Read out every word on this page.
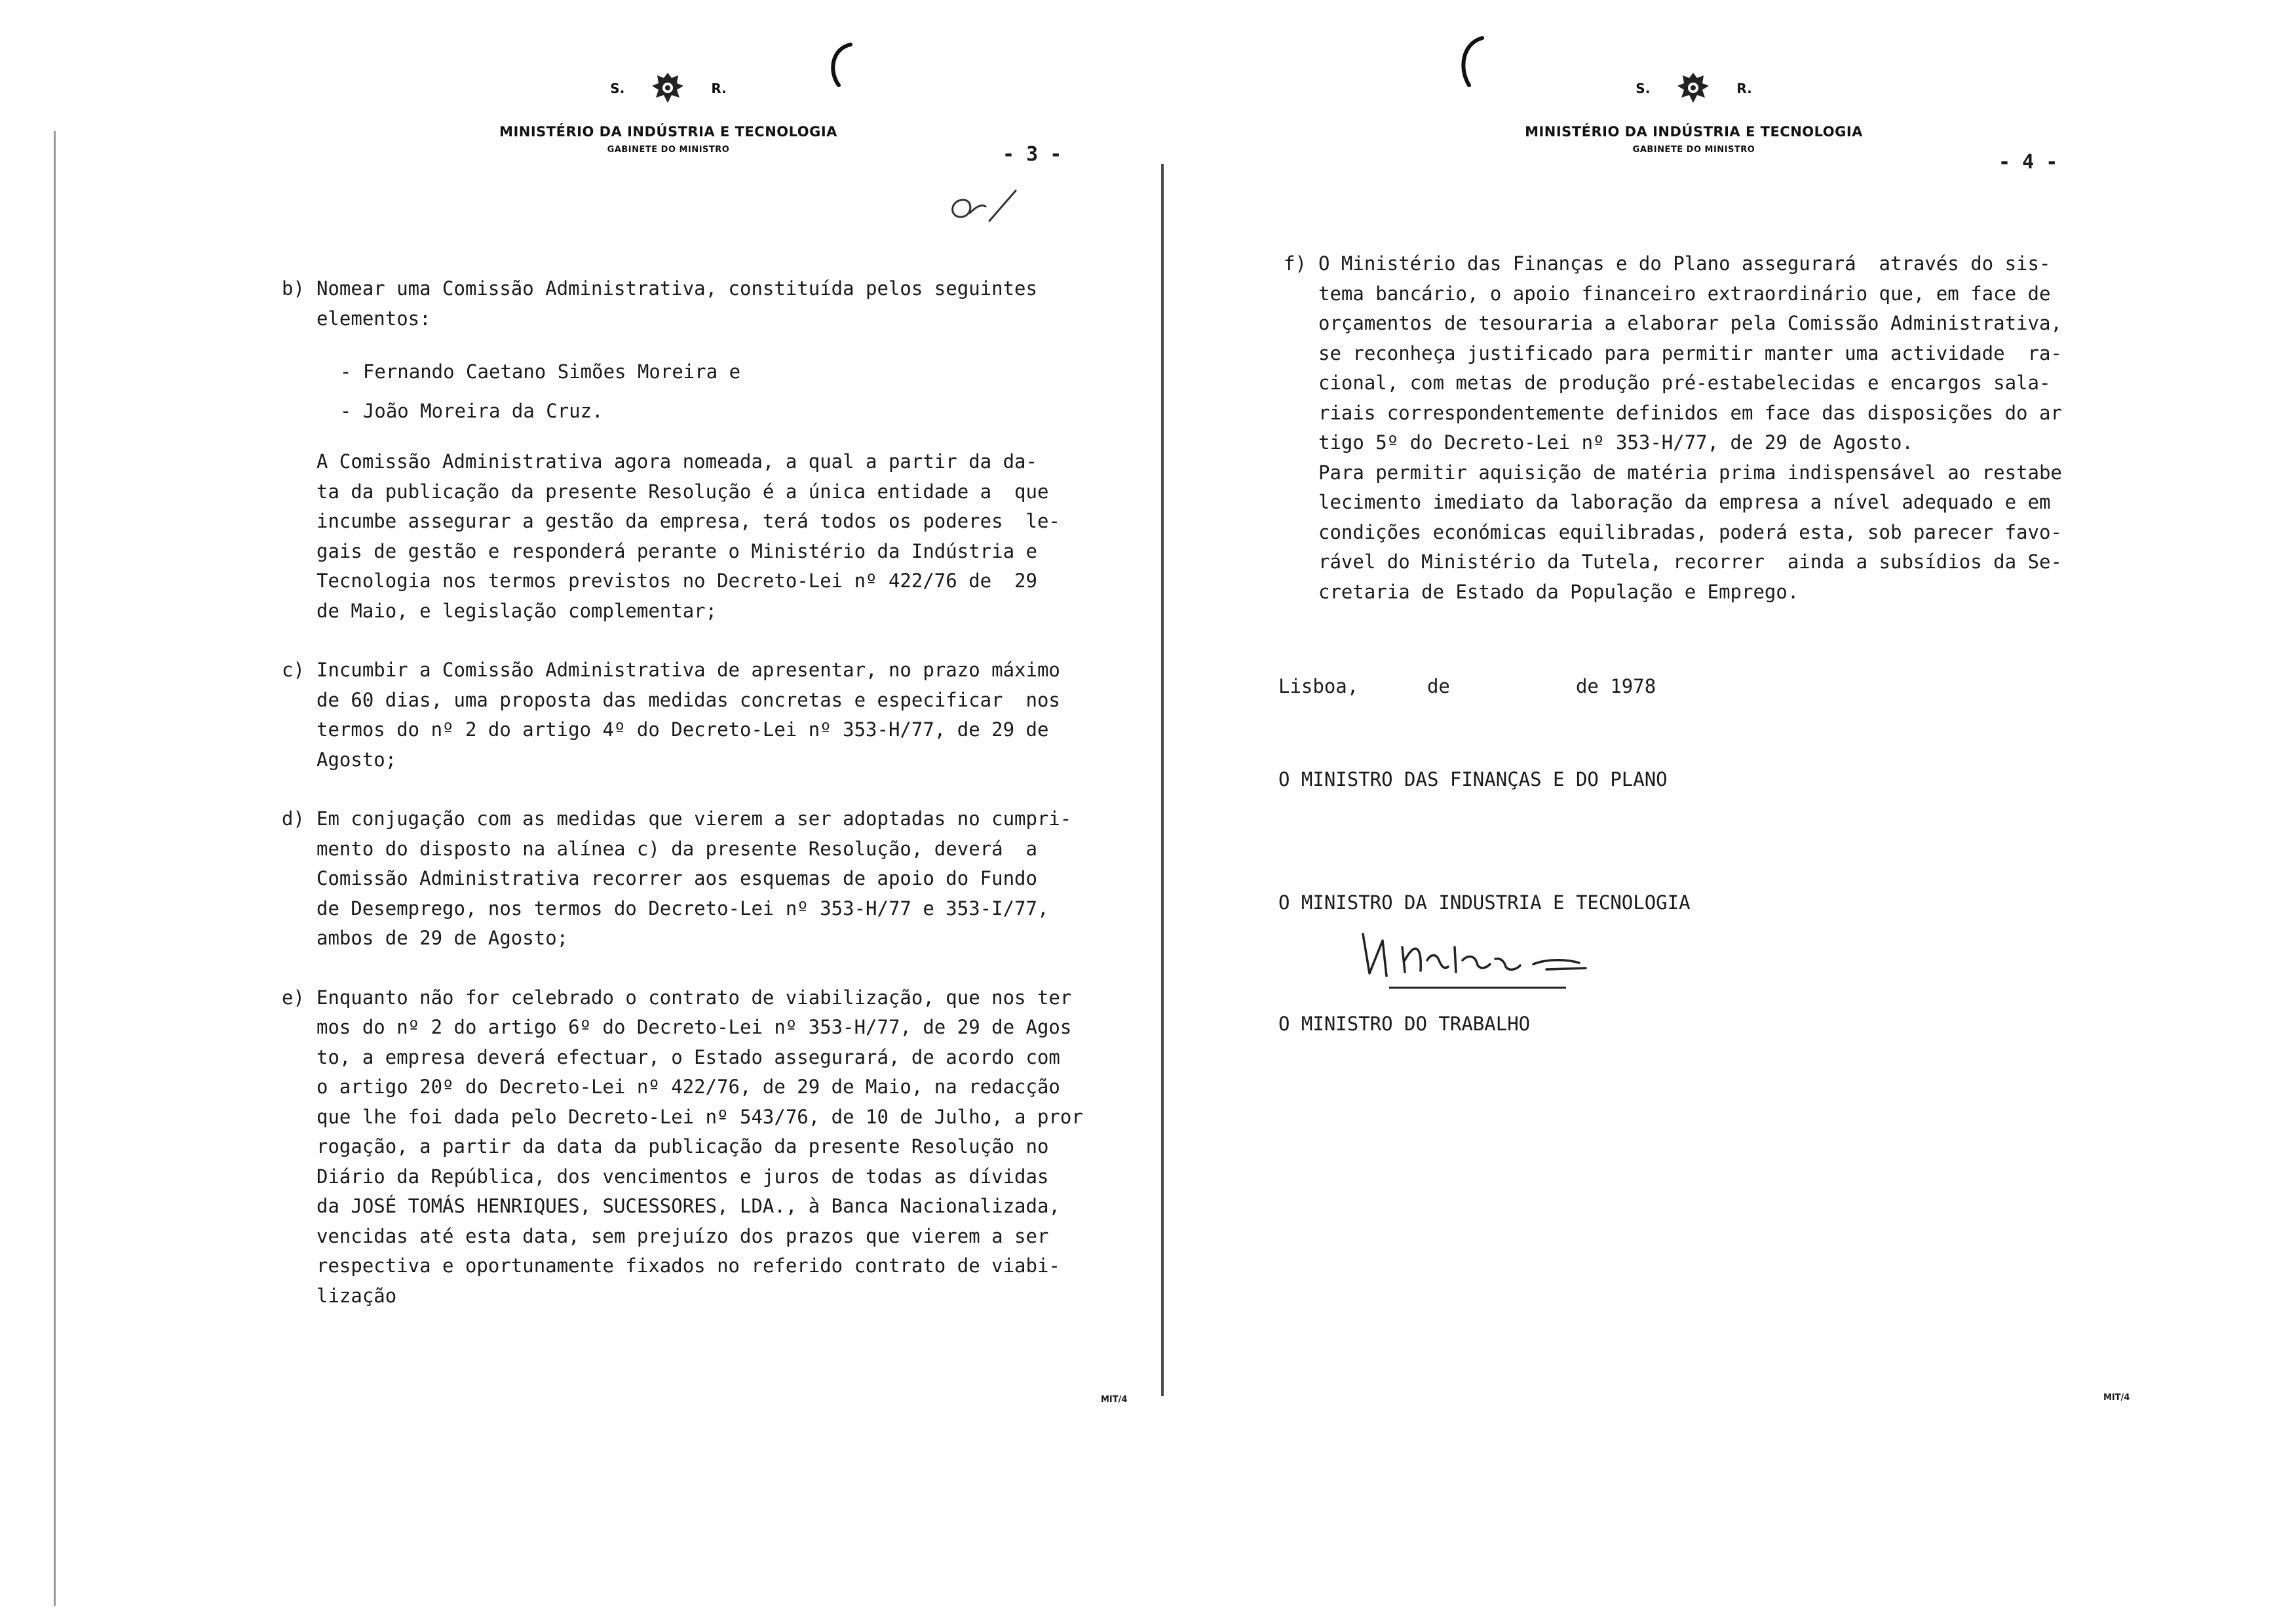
S.	R.
MINISTÉRIO DA INDÚSTRIA E TECNOLOGIA
GABINETE DO MINISTRO	- 3 -
b) Nomear uma Comissão Administrativa, constituída pelos seguintes
elementos:
- Fernando Caetano Simões Moreira e
- João Moreira da Cruz.
A Comissão Administrativa agora nomeada, a qual a partir da da-
ta da publicação da presente Resolução é a única entidade a  que
incumbe assegurar a gestão da empresa, terá todos os poderes  le-
gais de gestão e responderá perante o Ministério da Indústria e
Tecnologia nos termos previstos no Decreto-Lei nº 422/76 de  29
de Maio, e legislação complementar;
c) Incumbir a Comissão Administrativa de apresentar, no prazo máximo
de 60 dias, uma proposta das medidas concretas e especificar  nos
termos do nº 2 do artigo 4º do Decreto-Lei nº 353-H/77, de 29 de
Agosto;
d) Em conjugação com as medidas que vierem a ser adoptadas no cumpri-
mento do disposto na alínea c) da presente Resolução, deverá  a
Comissão Administrativa recorrer aos esquemas de apoio do Fundo
de Desemprego, nos termos do Decreto-Lei nº 353-H/77 e 353-I/77,
ambos de 29 de Agosto;
e) Enquanto não for celebrado o contrato de viabilização, que nos ter
mos do nº 2 do artigo 6º do Decreto-Lei nº 353-H/77, de 29 de Agos
to, a empresa deverá efectuar, o Estado assegurará, de acordo com
o artigo 20º do Decreto-Lei nº 422/76, de 29 de Maio, na redacção
que lhe foi dada pelo Decreto-Lei nº 543/76, de 10 de Julho, a pror
rogação, a partir da data da publicação da presente Resolução no
Diário da República, dos vencimentos e juros de todas as dívidas
da JOSÉ TOMÁS HENRIQUES, SUCESSORES, LDA., à Banca Nacionalizada,
vencidas até esta data, sem prejuízo dos prazos que vierem a ser
respectiva e oportunamente fixados no referido contrato de viabi-
lização
MIT/4
S.	R.
MINISTÉRIO DA INDÚSTRIA E TECNOLOGIA
GABINETE DO MINISTRO
- 4 -
f) O Ministério das Finanças e do Plano assegurará  através do sis-
tema bancário, o apoio financeiro extraordinário que, em face de
orçamentos de tesouraria a elaborar pela Comissão Administrativa,
se reconheça justificado para permitir manter uma actividade  ra-
cional, com metas de produção pré-estabelecidas e encargos sala-
riais correspondentemente definidos em face das disposições do ar
tigo 5º do Decreto-Lei nº 353-H/77, de 29 de Agosto.
Para permitir aquisição de matéria prima indispensável ao restabe
lecimento imediato da laboração da empresa a nível adequado e em
condições económicas equilibradas, poderá esta, sob parecer favo-
rável do Ministério da Tutela, recorrer  ainda a subsídios da Se-
cretaria de Estado da População e Emprego.
Lisboa,      de           de 1978
O MINISTRO DAS FINANÇAS E DO PLANO
O MINISTRO DA INDUSTRIA E TECNOLOGIA
O MINISTRO DO TRABALHO
MIT/4
